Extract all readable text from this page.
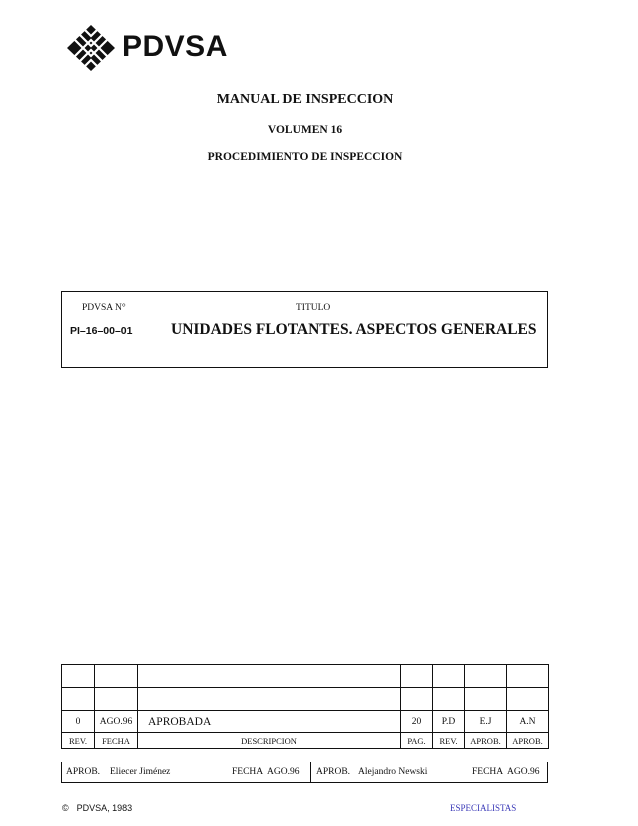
PDVSA
MANUAL DE INSPECCION
VOLUMEN 16
PROCEDIMIENTO DE INSPECCION
PDVSA N°	TITULO
PI–16–00–01 UNIDADES FLOTANTES. ASPECTOS GENERALES

0	AGO.96	APROBADA	20	P.D	E.J	A.N
REV.	FECHA	DESCRIPCION	PAG.	REV.	APROB.	APROB.
APROB. Eliecer Jiménez	FECHA AGO.96 APROB. Alejandro Newski	FECHA AGO.96
© PDVSA, 1983	ESPECIALISTAS
